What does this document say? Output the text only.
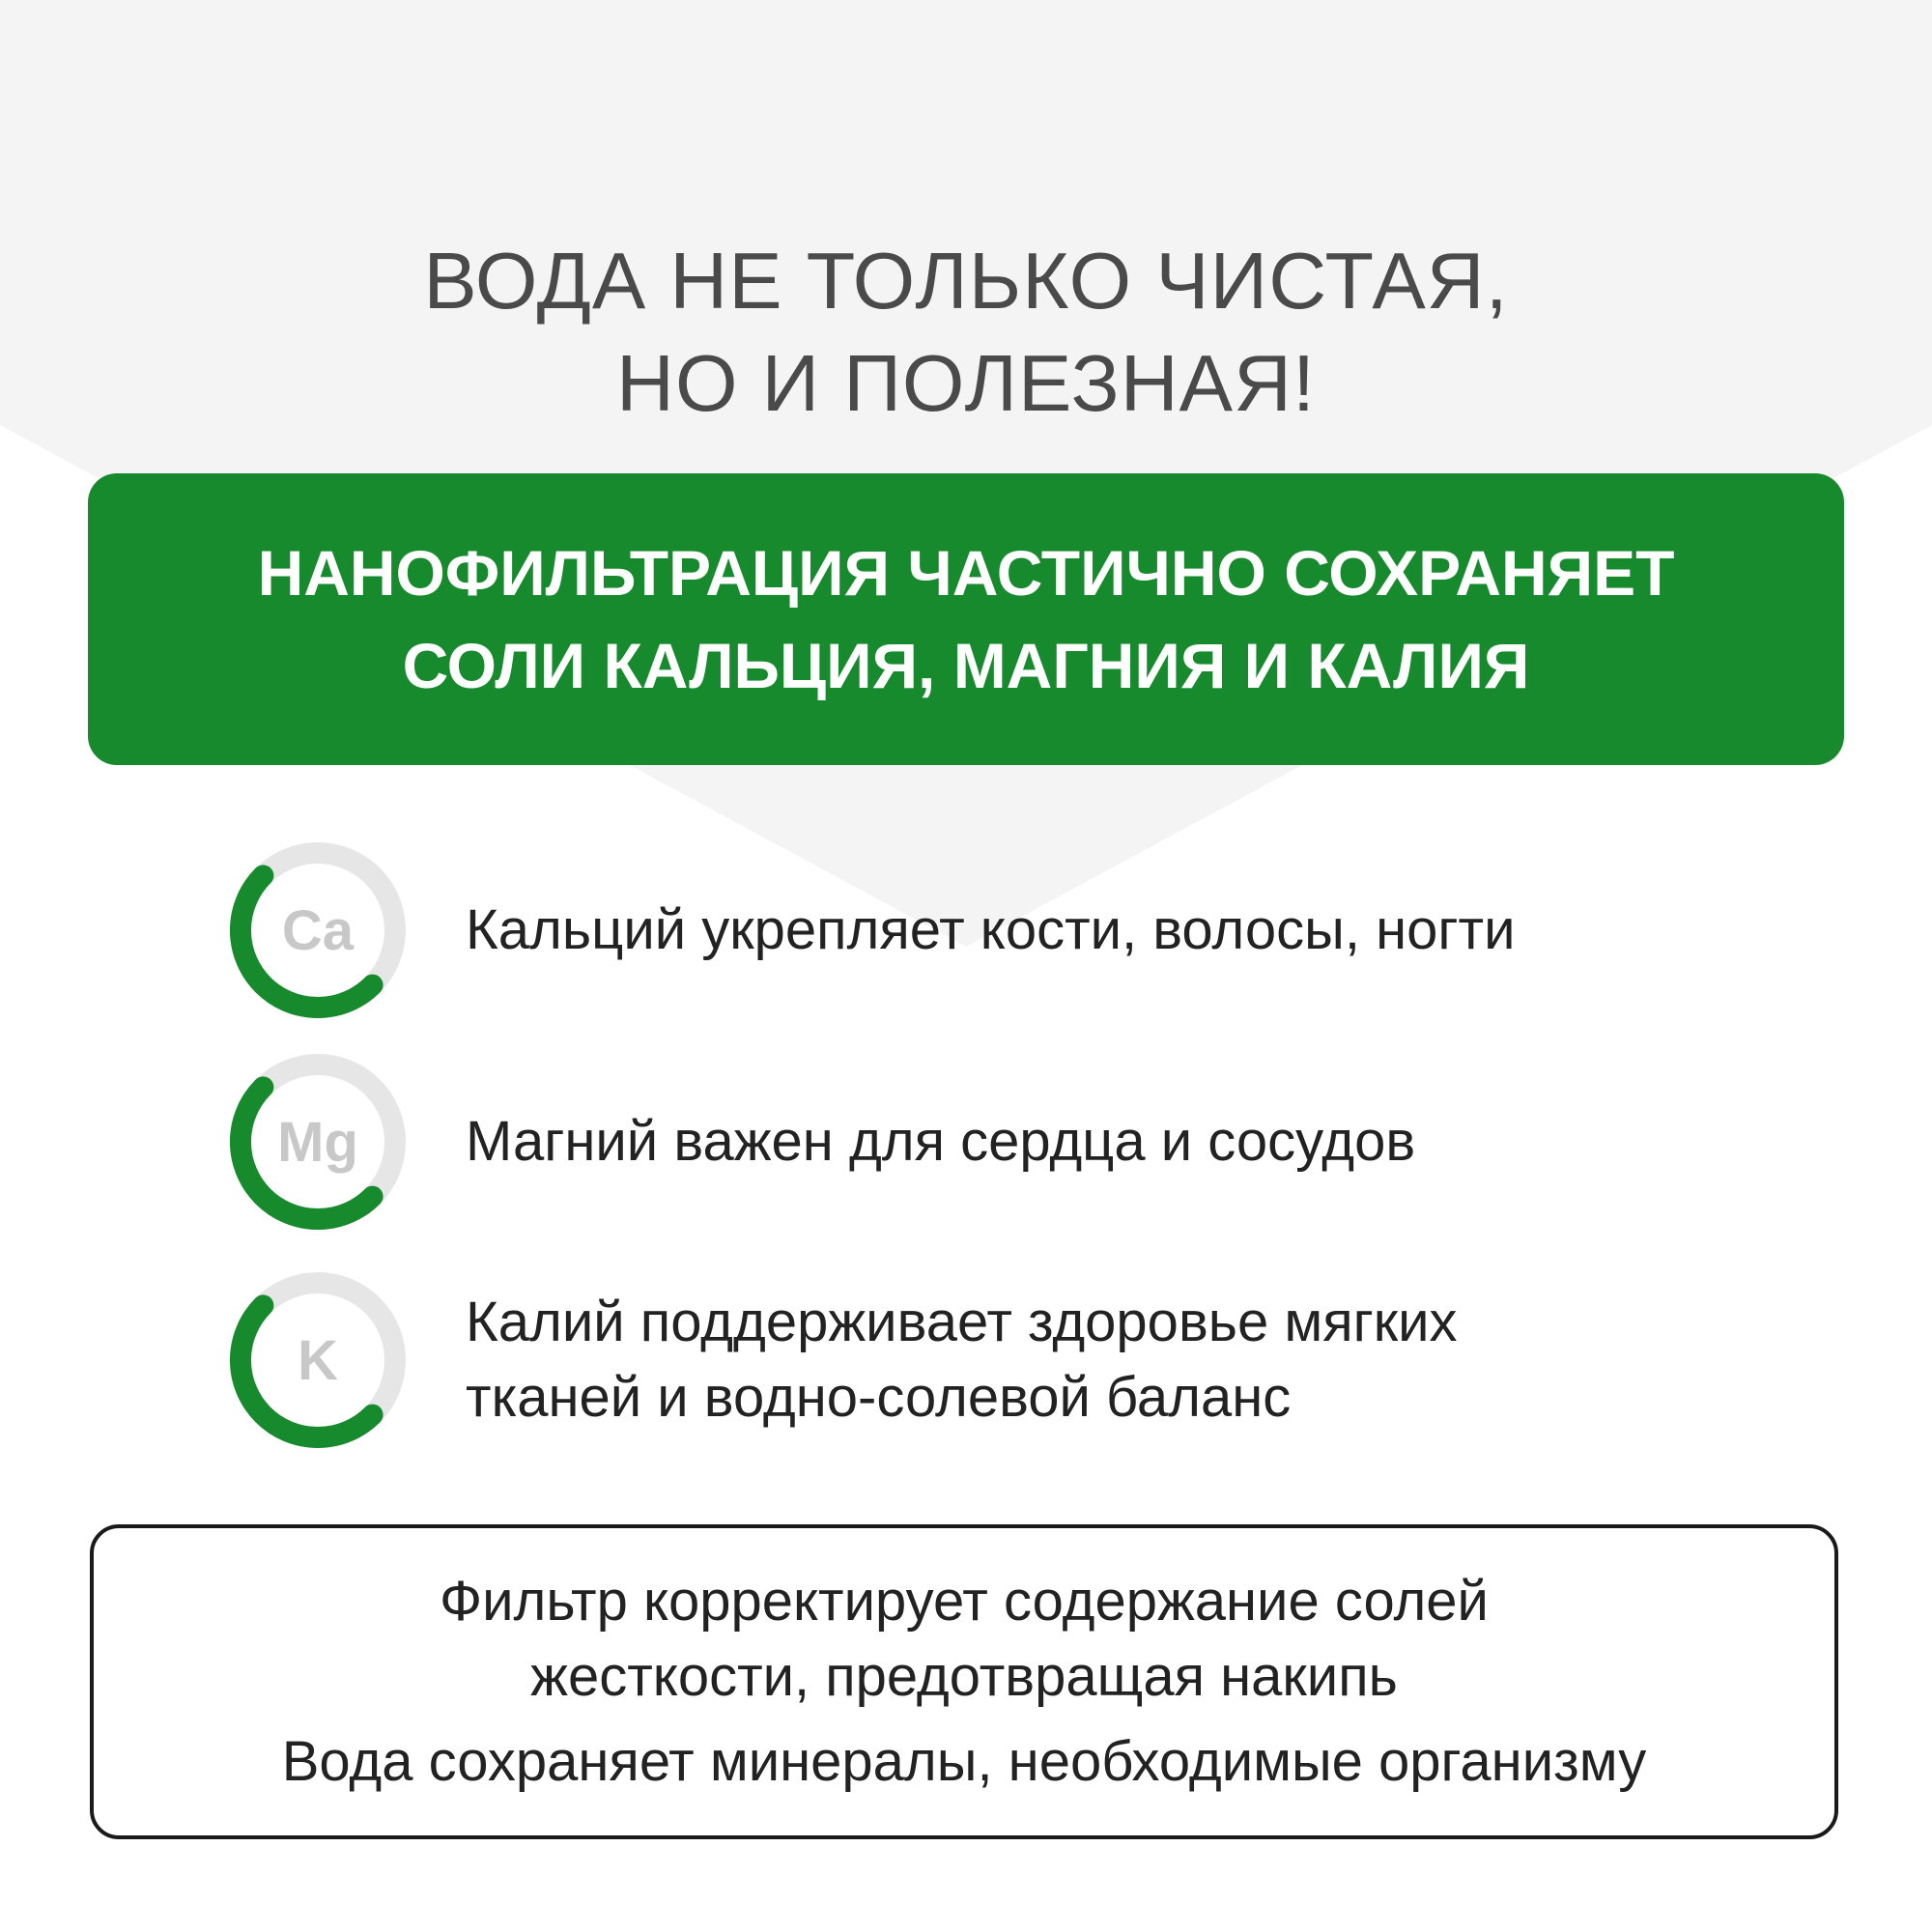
ВОДА НЕ ТОЛЬКО ЧИСТАЯ,
НО И ПОЛЕЗНАЯ!
НАНОФИЛЬТРАЦИЯ ЧАСТИЧНО СОХРАНЯЕТ
СОЛИ КАЛЬЦИЯ, МАГНИЯ И КАЛИЯ
Ca	Кальций укрепляет кости, волосы, ногти
Mg	Магний важен для сердца и сосудов
K
Калий поддерживает здоровье мягких
тканей и водно-солевой баланс
Фильтр корректирует содержание солей
жесткости, предотвращая накипь
Вода сохраняет минералы, необходимые организму
